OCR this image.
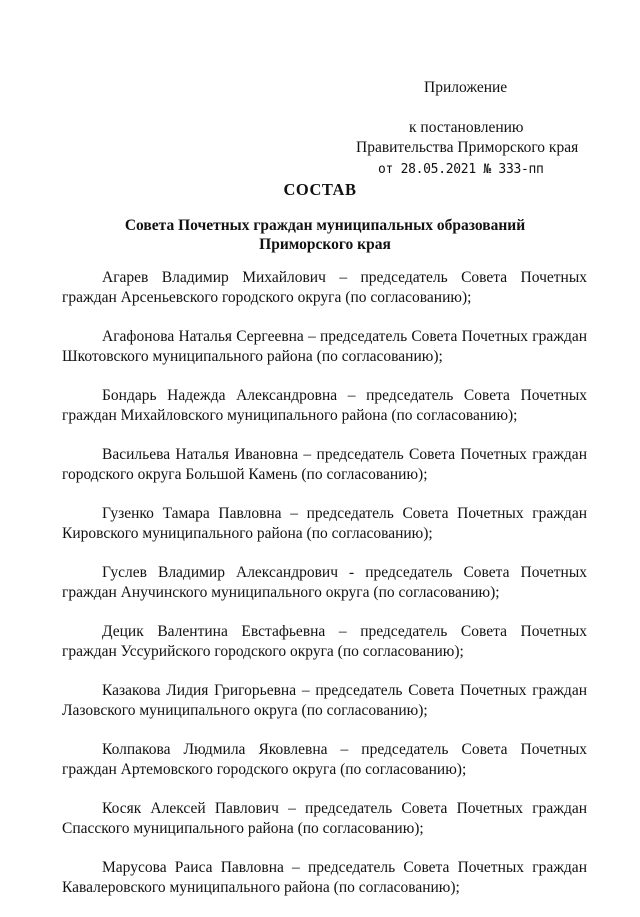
Приложение
к постановлению
Правительства Приморского края
от 28.05.2021 № 333-пп
СОСТАВ
Совета Почетных граждан муниципальных образований
Приморского края
Агарев Владимир Михайлович – председатель Совета Почетных граждан Арсеньевского городского округа (по согласованию);
Агафонова Наталья Сергеевна – председатель Совета Почетных граждан Шкотовского муниципального района (по согласованию);
Бондарь Надежда Александровна – председатель Совета Почетных граждан Михайловского муниципального района (по согласованию);
Васильева Наталья Ивановна – председатель Совета Почетных граждан городского округа Большой Камень (по согласованию);
Гузенко Тамара Павловна – председатель Совета Почетных граждан Кировского муниципального района (по согласованию);
Гуслев Владимир Александрович - председатель Совета Почетных граждан Анучинского муниципального округа (по согласованию);
Децик Валентина Евстафьевна – председатель Совета Почетных граждан Уссурийского городского округа (по согласованию);
Казакова Лидия Григорьевна – председатель Совета Почетных граждан Лазовского муниципального округа (по согласованию);
Колпакова Людмила Яковлевна – председатель Совета Почетных граждан Артемовского городского округа (по согласованию);
Косяк Алексей Павлович – председатель Совета Почетных граждан Спасского муниципального района (по согласованию);
Марусова Раиса Павловна – председатель Совета Почетных граждан Кавалеровского муниципального района (по согласованию);
